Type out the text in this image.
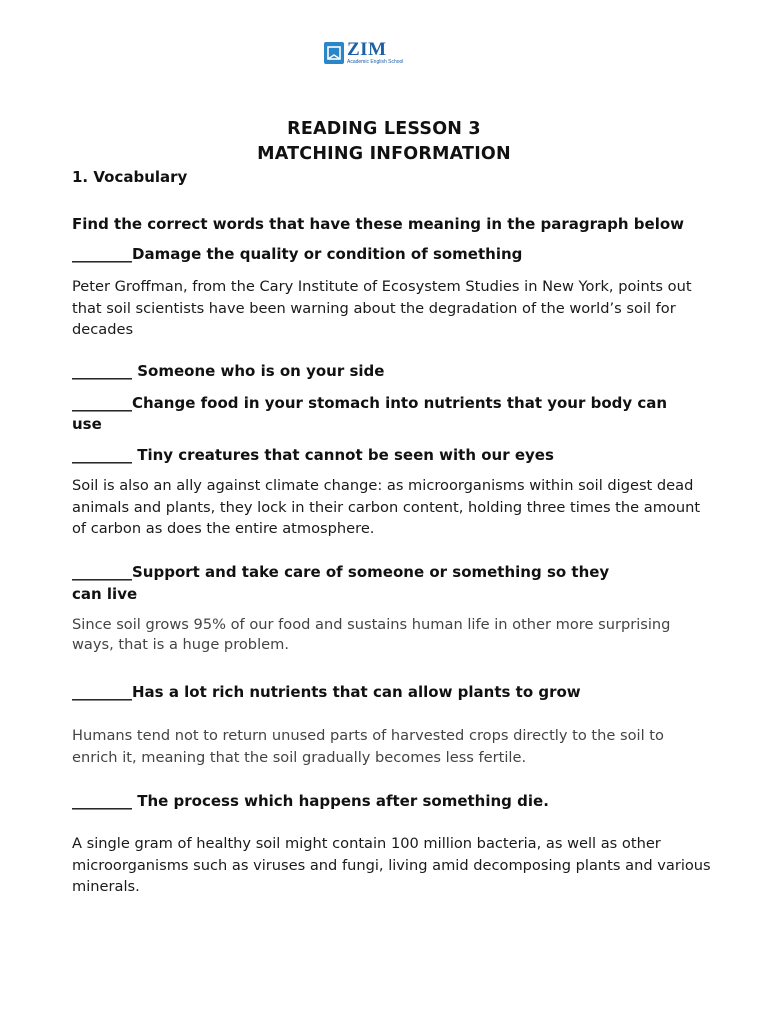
ZIM
Academic English School
READING LESSON 3
MATCHING INFORMATION
1. Vocabulary
Find the correct words that have these meaning in the paragraph below
________Damage the quality or condition of something
Peter Groffman, from the Cary Institute of Ecosystem Studies in New York, points out that soil scientists have been warning about the degradation of the world’s soil for decades
________ Someone who is on your side
________Change food in your stomach into nutrients that your body can use
________ Tiny creatures that cannot be seen with our eyes
Soil is also an ally against climate change: as microorganisms within soil digest dead animals and plants, they lock in their carbon content, holding three times the amount of carbon as does the entire atmosphere.
________Support and take care of someone or something so they
can live
Since soil grows 95% of our food and sustains human life in other more surprising ways, that is a huge problem.
________Has a lot rich nutrients that can allow plants to grow
Humans tend not to return unused parts of harvested crops directly to the soil to enrich it, meaning that the soil gradually becomes less fertile.
________ The process which happens after something die.
A single gram of healthy soil might contain 100 million bacteria, as well as other microorganisms such as viruses and fungi, living amid decomposing plants and various minerals.
